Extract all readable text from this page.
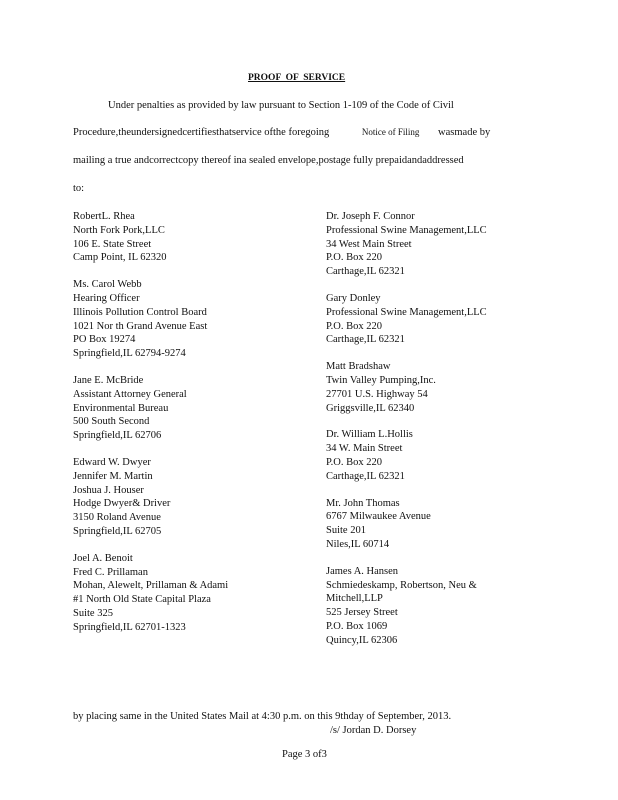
PROOF  OF  SERVICE
Under penalties as provided by law pursuant to Section 1-109 of the Code of Civil
Procedure,theundersignedcertifiesthatservice ofthe foregoing	Notice of Filing wasmade by
mailing a true andcorrectcopy thereof ina sealed envelope,postage fully prepaidandaddressed
to:
RobertL. Rhea
North Fork Pork,LLC
106 E. State Street
Camp Point, IL 62320
Ms. Carol Webb
Hearing Officer
Illinois Pollution Control Board
1021 Nor th Grand Avenue East
PO Box 19274
Springfield,IL 62794-9274
Jane E. McBride
Assistant Attorney General
Environmental Bureau
500 South Second
Springfield,IL 62706
Edward W. Dwyer
Jennifer M. Martin
Joshua J. Houser
Hodge Dwyer& Driver
3150 Roland Avenue
Springfield,IL 62705
Joel A. Benoit
Fred C. Prillaman
Mohan, Alewelt, Prillaman & Adami
#1 North Old State Capital Plaza
Suite 325
Springfield,IL 62701-1323
Dr. Joseph F. Connor
Professional Swine Management,LLC
34 West Main Street
P.O. Box 220
Carthage,IL 62321
Gary Donley
Professional Swine Management,LLC
P.O. Box 220
Carthage,IL 62321
Matt Bradshaw
Twin Valley Pumping,Inc.
27701 U.S. Highway 54
Griggsville,IL 62340
Dr. William L.Hollis
34 W. Main Street
P.O. Box 220
Carthage,IL 62321
Mr. John Thomas
6767 Milwaukee Avenue
Suite 201
Niles,IL 60714
James A. Hansen
Schmiedeskamp, Robertson, Neu &
Mitchell,LLP
525 Jersey Street
P.O. Box 1069
Quincy,IL 62306
by placing same in the United States Mail at 4:30 p.m. on this 9thday of September, 2013.
/s/ Jordan D. Dorsey
Page 3 of3
